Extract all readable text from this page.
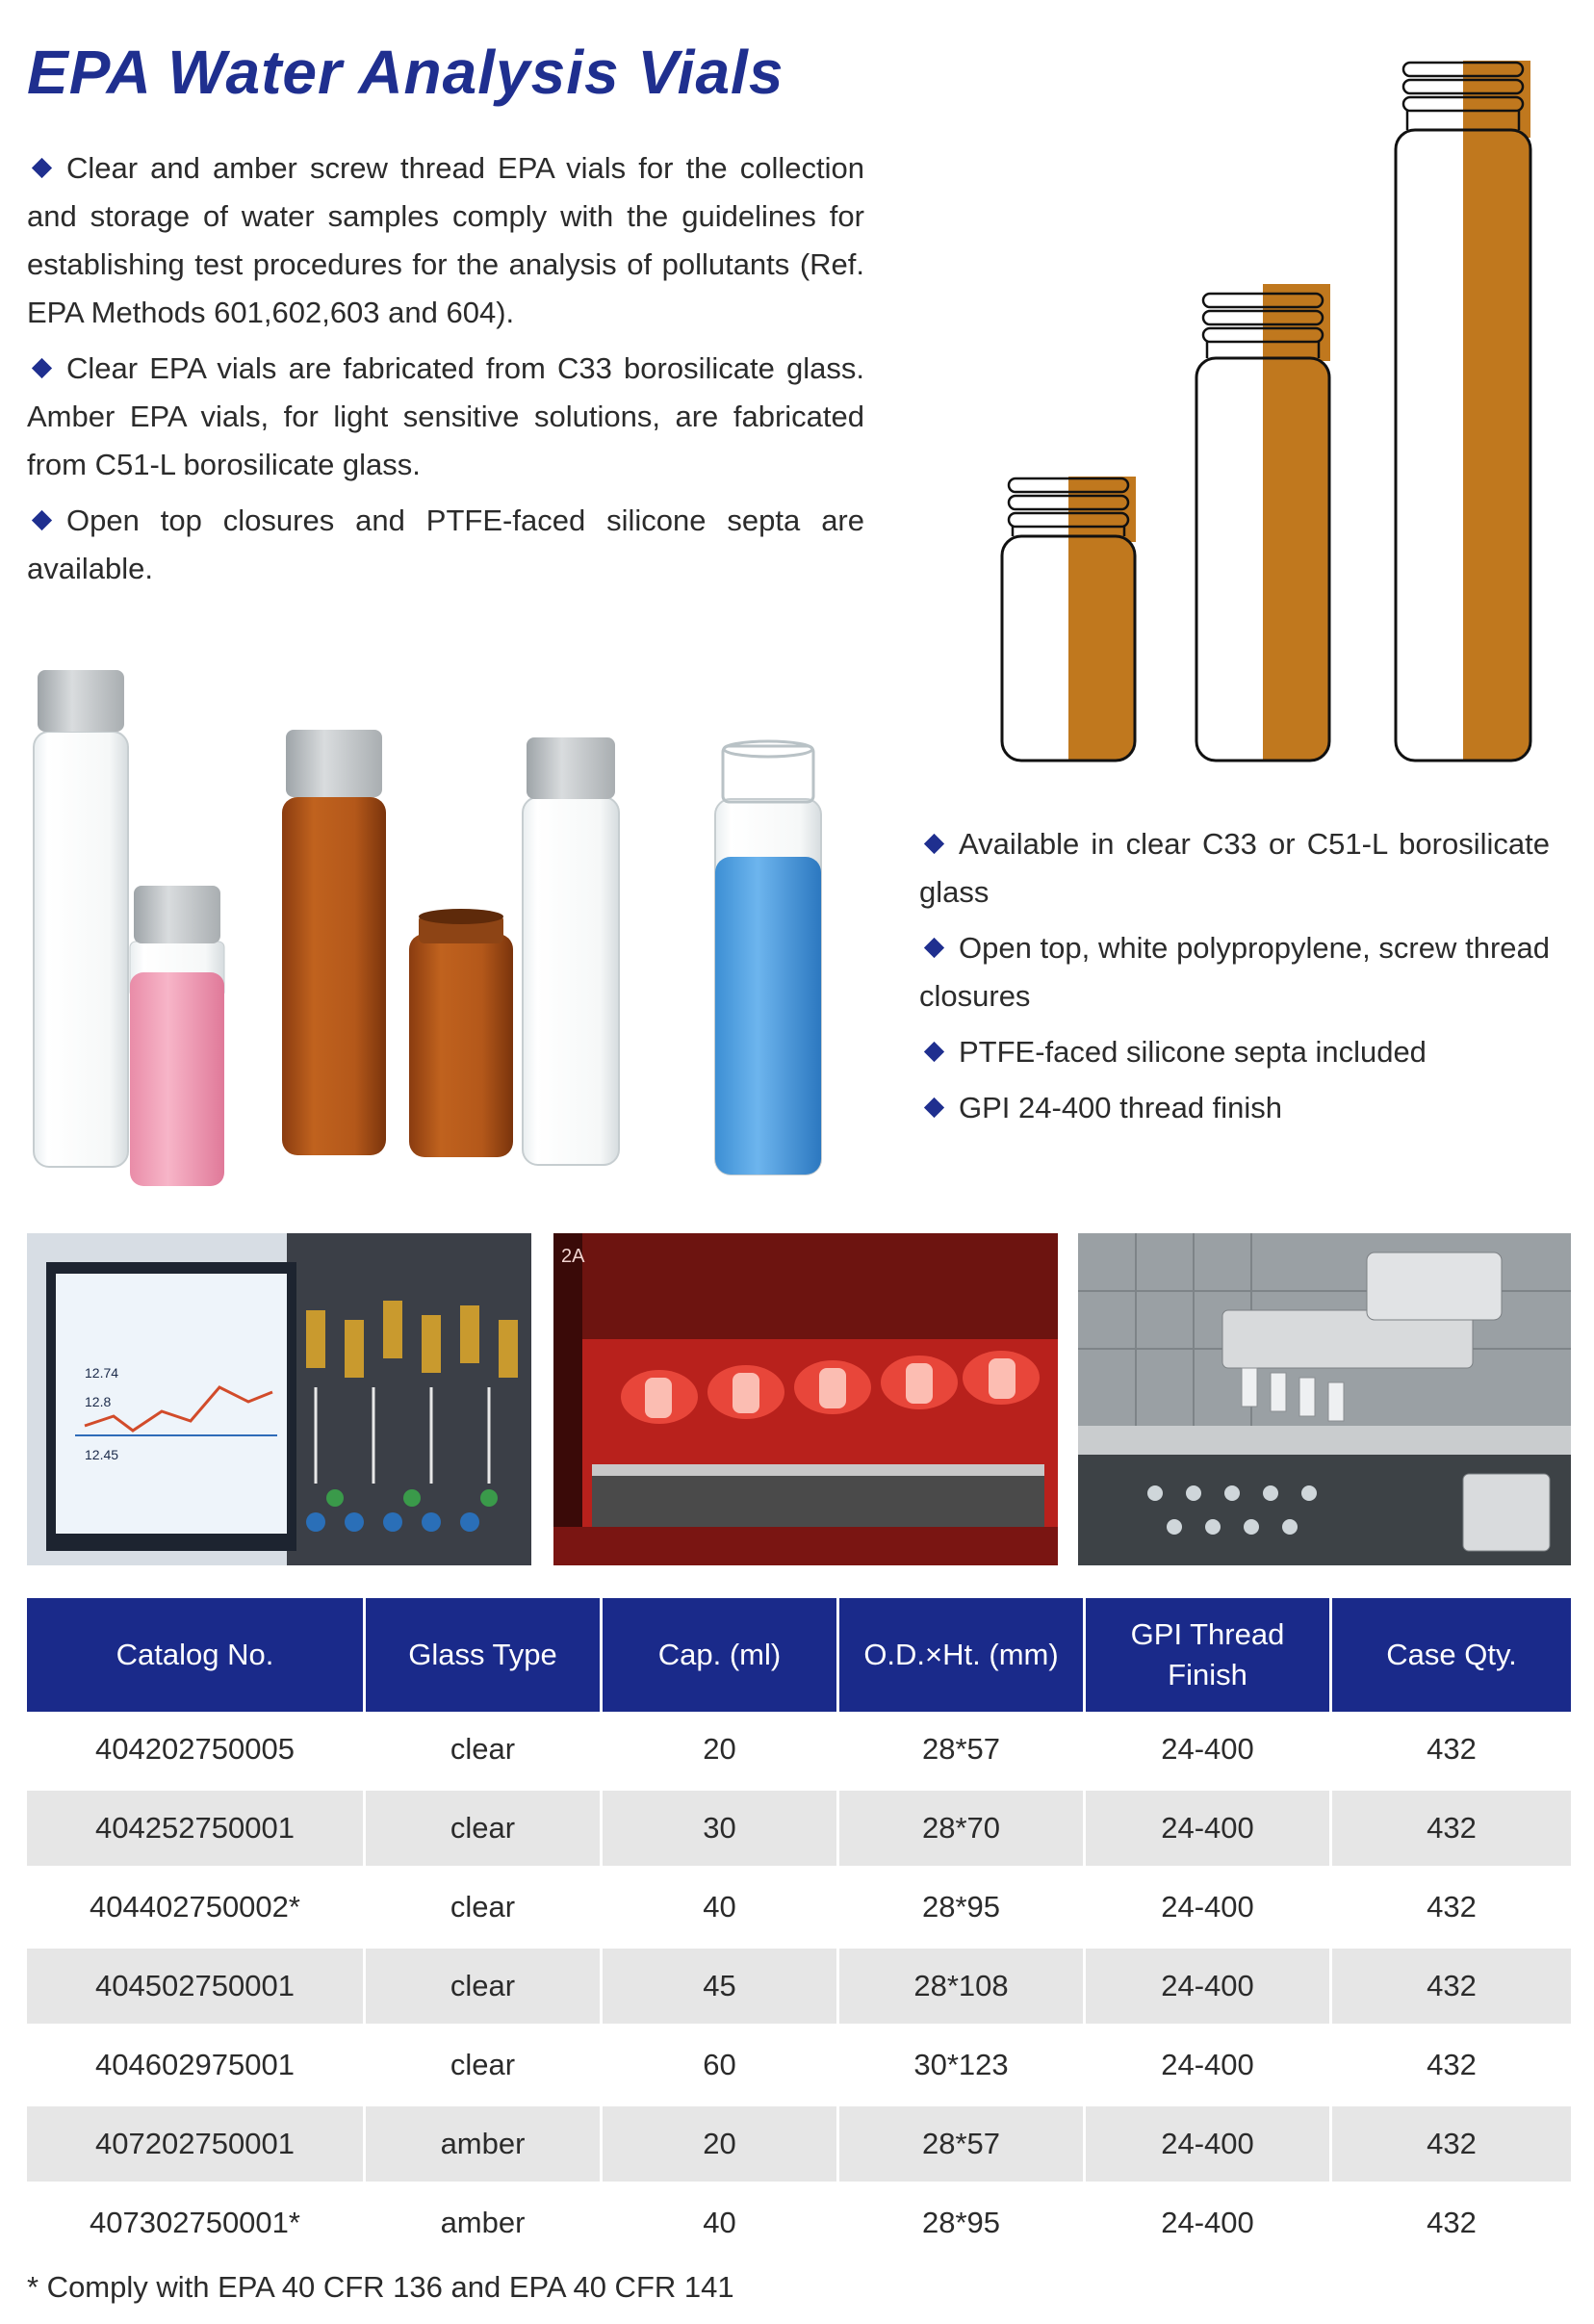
EPA Water Analysis Vials

Clear and amber screw thread EPA vials for the collection and storage of water samples comply with the guidelines for establishing test procedures for the analysis of pollutants (Ref. EPA Methods 601,602,603 and 604).

Clear EPA vials are fabricated from C33 borosilicate glass. Amber EPA vials, for light sensitive solutions, are fabricated from C51-L borosilicate glass.

Open top closures and PTFE-faced silicone septa are available.

12.74
12.8
12.45
2A
Catalog No.	Glass Type	Cap. (ml)	O.D.×Ht. (mm)	GPI Thread Finish	Case Qty.
404202750005	clear	20	28*57	24-400	432
404252750001	clear	30	28*70	24-400	432
404402750002*	clear	40	28*95	24-400	432
404502750001	clear	45	28*108	24-400	432
404602975001	clear	60	30*123	24-400	432
407202750001	amber	20	28*57	24-400	432
407302750001*	amber	40	28*95	24-400	432

Available in clear C33 or C51-L borosilicate glass

Open top, white polypropylene, screw thread closures

PTFE-faced silicone septa included

GPI 24-400 thread finish

* Comply with EPA 40 CFR 136 and EPA 40 CFR 141
